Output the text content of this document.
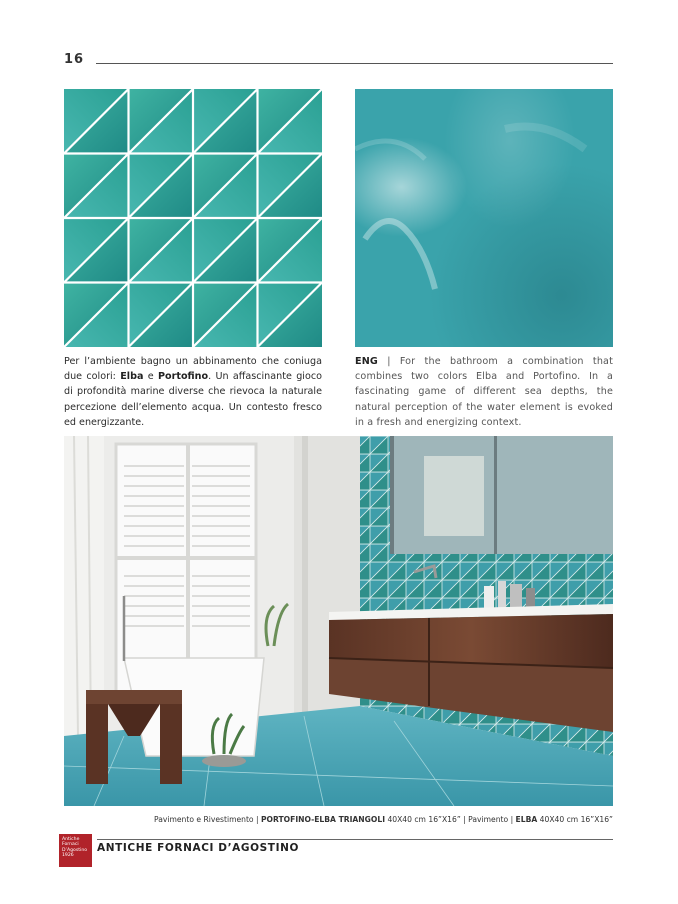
16
Per l’ambiente bagno un abbinamento che coniuga due colori: Elba e Portofino. Un affascinante gioco di profondità marine diverse che rievoca la naturale percezione dell’elemento acqua. Un contesto fresco ed energizzante.
ENG | For the bathroom a combination that combines two colors Elba and Portofino. In a fascinating game of different sea depths, the natural perception of the water element is evoked in a fresh and energizing context.
Pavimento e Rivestimento | PORTOFINO-ELBA TRIANGOLI 40X40 cm 16”X16” | Pavimento | ELBA 40X40 cm 16”X16”
Antiche
Fornaci
D’Agostino
1926
ANTICHE FORNACI D’AGOSTINO
